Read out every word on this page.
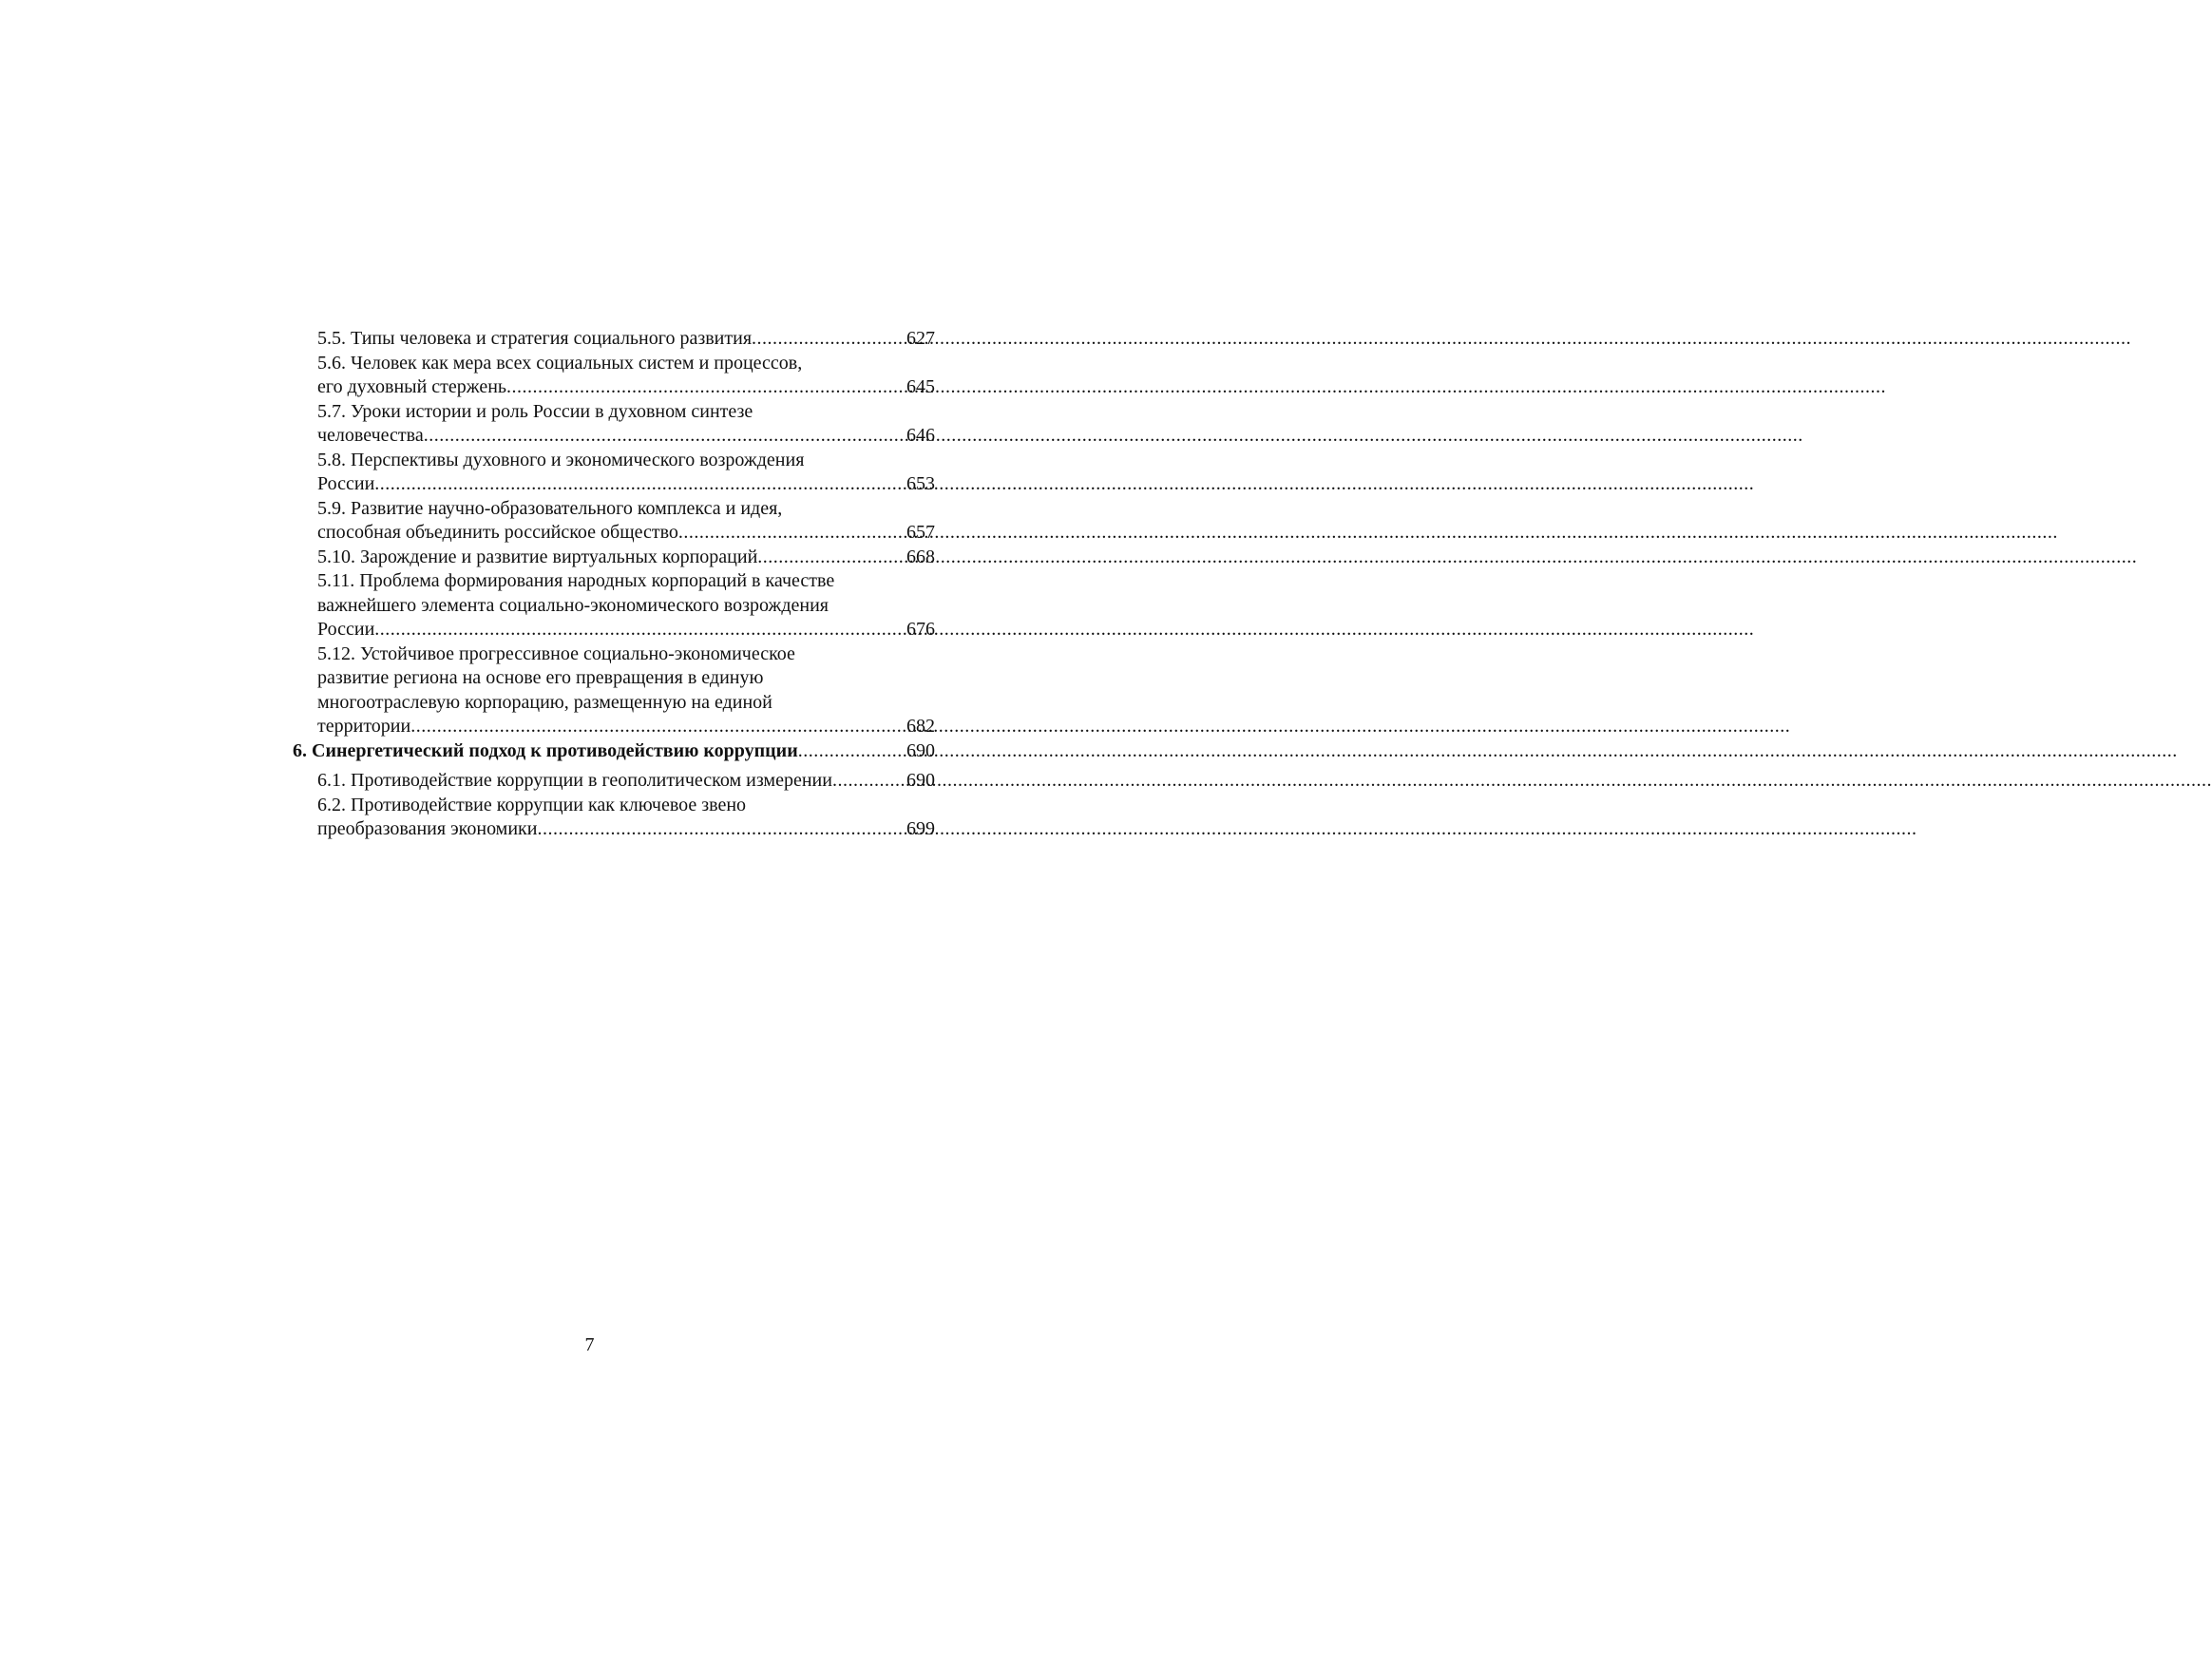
5.5. Типы человека и стратегия социального развития .....	627
5.6. Человек как мера всех социальных систем и процессов,
его духовный стержень .....	645
5.7. Уроки истории и роль России в духовном синтезе
человечества .....	646
5.8. Перспективы духовного и экономического возрождения
России .....	653
5.9. Развитие научно-образовательного комплекса и идея,
способная объединить российское общество .....	657
5.10. Зарождение и развитие виртуальных корпораций .....	668
5.11. Проблема формирования народных корпораций в качестве
важнейшего элемента социально-экономического возрождения
России .....	676
5.12. Устойчивое прогрессивное социально-экономическое
развитие региона на основе его превращения в единую
многоотраслевую корпорацию, размещенную на единой
территории .....	682
6. Синергетический подход к противодействию коррупции .....	690
6.1. Противодействие коррупции в геополитическом измерении .....	690
6.2. Противодействие коррупции как ключевое звено
преобразования экономики .....	699
7
